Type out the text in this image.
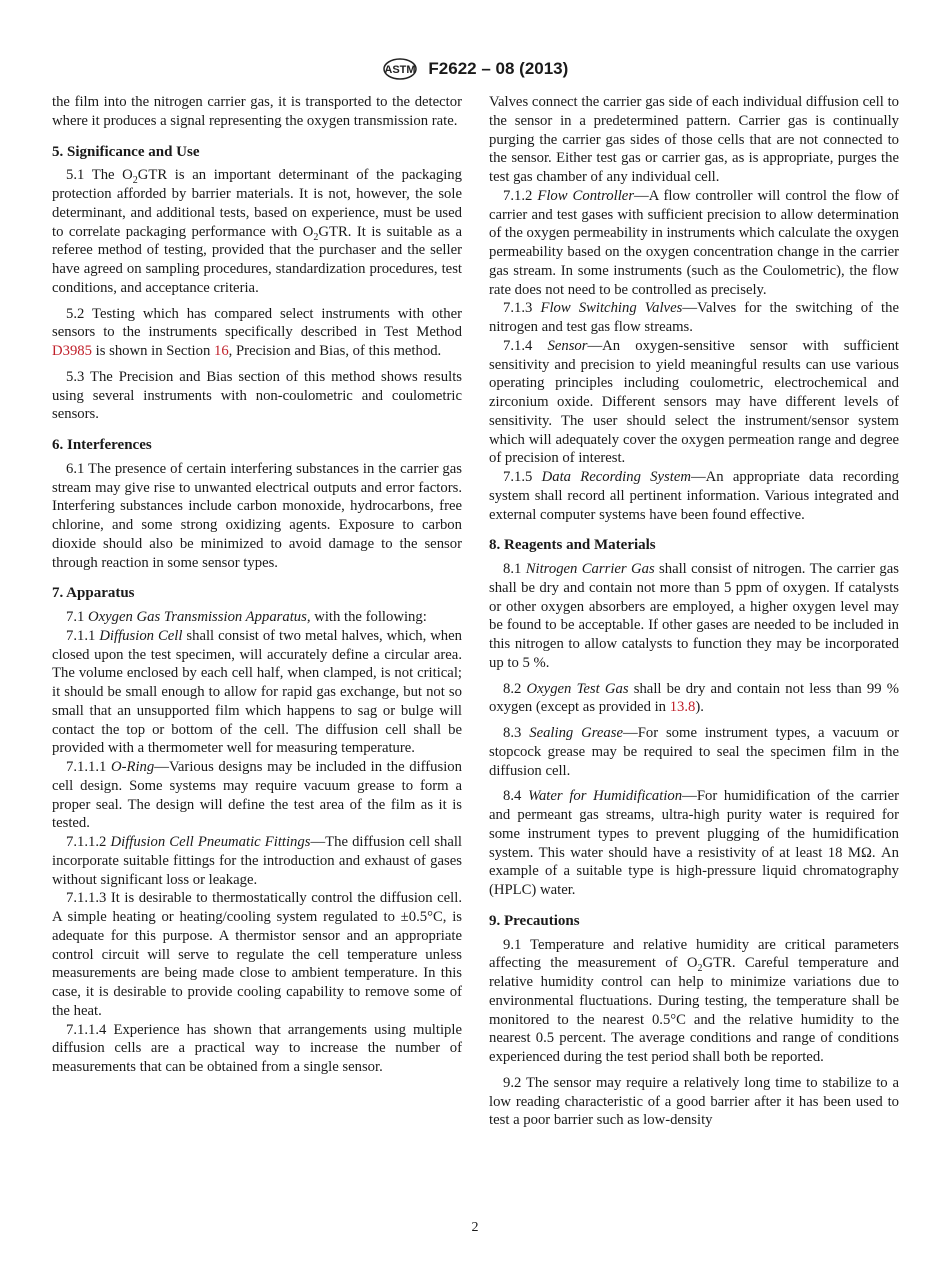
ASTM F2622 – 08 (2013)

the film into the nitrogen carrier gas, it is transported to the detector where it produces a signal representing the oxygen transmission rate.

5. Significance and Use

5.1 The $O_2GTR$ is an important determinant of the packaging protection afforded by barrier materials. It is not, however, the sole determinant, and additional tests, based on experience, must be used to correlate packaging performance with $O_2GTR$. It is suitable as a referee method of testing, provided that the purchaser and the seller have agreed on sampling procedures, standardization procedures, test conditions, and acceptance criteria.

5.2 Testing which has compared select instruments with other sensors to the instruments specifically described in Test Method D3985 is shown in Section 16, Precision and Bias, of this method.

5.3 The Precision and Bias section of this method shows results using several instruments with non-coulometric and coulometric sensors.

6. Interferences

6.1 The presence of certain interfering substances in the carrier gas stream may give rise to unwanted electrical outputs and error factors. Interfering substances include carbon monoxide, hydrocarbons, free chlorine, and some strong oxidizing agents. Exposure to carbon dioxide should also be minimized to avoid damage to the sensor through reaction in some sensor types.

7. Apparatus

7.1 Oxygen Gas Transmission Apparatus, with the following:

7.1.1 Diffusion Cell shall consist of two metal halves, which, when closed upon the test specimen, will accurately define a circular area. The volume enclosed by each cell half, when clamped, is not critical; it should be small enough to allow for rapid gas exchange, but not so small that an unsupported film which happens to sag or bulge will contact the top or bottom of the cell. The diffusion cell shall be provided with a thermometer well for measuring temperature.

7.1.1.1 O-Ring—Various designs may be included in the diffusion cell design. Some systems may require vacuum grease to form a proper seal. The design will define the test area of the film as it is tested.

7.1.1.2 Diffusion Cell Pneumatic Fittings—The diffusion cell shall incorporate suitable fittings for the introduction and exhaust of gases without significant loss or leakage.

7.1.1.3 It is desirable to thermostatically control the diffusion cell. A simple heating or heating/cooling system regulated to ±0.5°C, is adequate for this purpose. A thermistor sensor and an appropriate control circuit will serve to regulate the cell temperature unless measurements are being made close to ambient temperature. In this case, it is desirable to provide cooling capability to remove some of the heat.

7.1.1.4 Experience has shown that arrangements using multiple diffusion cells are a practical way to increase the number of measurements that can be obtained from a single sensor.

Valves connect the carrier gas side of each individual diffusion cell to the sensor in a predetermined pattern. Carrier gas is continually purging the carrier gas sides of those cells that are not connected to the sensor. Either test gas or carrier gas, as is appropriate, purges the test gas chamber of any individual cell.

7.1.2 Flow Controller—A flow controller will control the flow of carrier and test gases with sufficient precision to allow determination of the oxygen permeability in instruments which calculate the oxygen permeability based on the oxygen concentration change in the carrier gas stream. In some instruments (such as the Coulometric), the flow rate does not need to be controlled as precisely.

7.1.3 Flow Switching Valves—Valves for the switching of the nitrogen and test gas flow streams.

7.1.4 Sensor—An oxygen-sensitive sensor with sufficient sensitivity and precision to yield meaningful results can use various operating principles including coulometric, electrochemical and zirconium oxide. Different sensors may have different levels of sensitivity. The user should select the instrument/sensor system which will adequately cover the oxygen permeation range and degree of precision of interest.

7.1.5 Data Recording System—An appropriate data recording system shall record all pertinent information. Various integrated and external computer systems have been found effective.

8. Reagents and Materials

8.1 Nitrogen Carrier Gas shall consist of nitrogen. The carrier gas shall be dry and contain not more than 5 ppm of oxygen. If catalysts or other oxygen absorbers are employed, a higher oxygen level may be found to be acceptable. If other gases are needed to be included in this nitrogen to allow catalysts to function they may be incorporated up to 5 %.

8.2 Oxygen Test Gas shall be dry and contain not less than 99 % oxygen (except as provided in 13.8).

8.3 Sealing Grease—For some instrument types, a vacuum or stopcock grease may be required to seal the specimen film in the diffusion cell.

8.4 Water for Humidification—For humidification of the carrier and permeant gas streams, ultra-high purity water is required for some instrument types to prevent plugging of the humidification system. This water should have a resistivity of at least 18 MΩ. An example of a suitable type is high-pressure liquid chromatography (HPLC) water.

9. Precautions

9.1 Temperature and relative humidity are critical parameters affecting the measurement of $O_2GTR$. Careful temperature and relative humidity control can help to minimize variations due to environmental fluctuations. During testing, the temperature shall be monitored to the nearest 0.5°C and the relative humidity to the nearest 0.5 percent. The average conditions and range of conditions experienced during the test period shall both be reported.

9.2 The sensor may require a relatively long time to stabilize to a low reading characteristic of a good barrier after it has been used to test a poor barrier such as low-density

2
